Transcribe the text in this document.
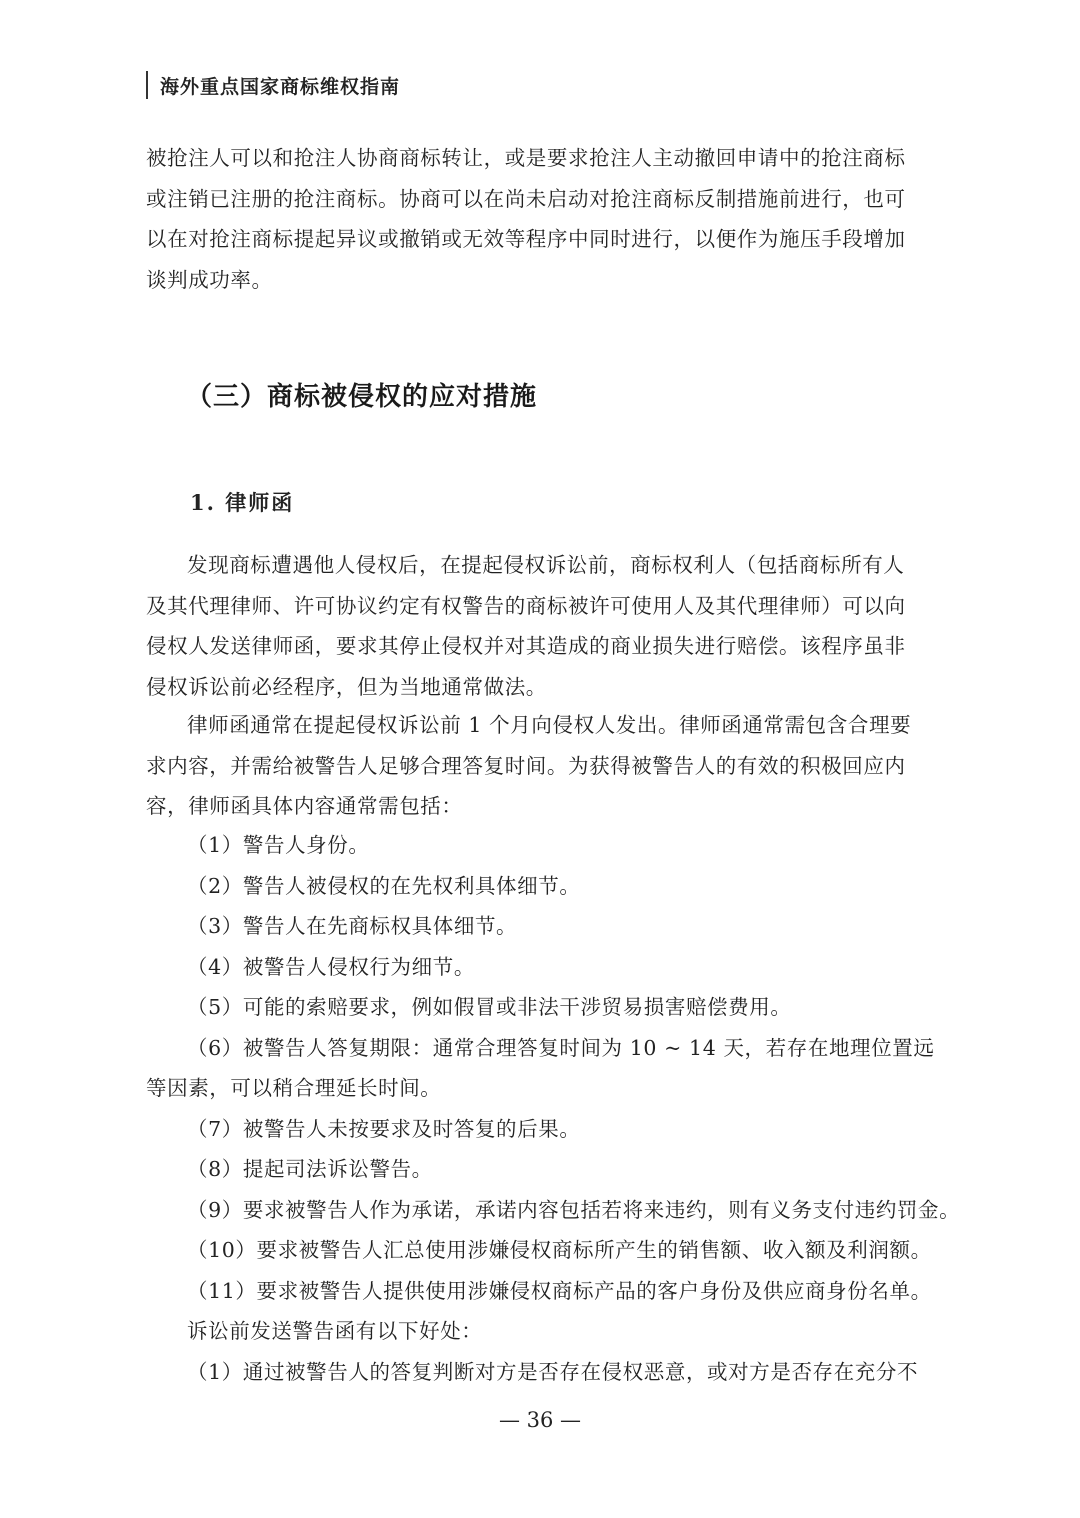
海外重点国家商标维权指南

被抢注人可以和抢注人协商商标转让，或是要求抢注人主动撤回申请中的抢注商标
或注销已注册的抢注商标。协商可以在尚未启动对抢注商标反制措施前进行，也可
以在对抢注商标提起异议或撤销或无效等程序中同时进行，以便作为施压手段增加
谈判成功率。

（三）商标被侵权的应对措施
1. 律师函

发现商标遭遇他人侵权后，在提起侵权诉讼前，商标权利人（包括商标所有人
及其代理律师、许可协议约定有权警告的商标被许可使用人及其代理律师）可以向
侵权人发送律师函，要求其停止侵权并对其造成的商业损失进行赔偿。该程序虽非
侵权诉讼前必经程序，但为当地通常做法。

律师函通常在提起侵权诉讼前 1 个月向侵权人发出。律师函通常需包含合理要
求内容，并需给被警告人足够合理答复时间。为获得被警告人的有效的积极回应内
容，律师函具体内容通常需包括：

（1）警告人身份。
（2）警告人被侵权的在先权利具体细节。
（3）警告人在先商标权具体细节。
（4）被警告人侵权行为细节。
（5）可能的索赔要求，例如假冒或非法干涉贸易损害赔偿费用。
（6）被警告人答复期限：通常合理答复时间为 10 ~ 14 天，若存在地理位置远
等因素，可以稍合理延长时间。
（7）被警告人未按要求及时答复的后果。
（8）提起司法诉讼警告。
（9）要求被警告人作为承诺，承诺内容包括若将来违约，则有义务支付违约罚金。
（10）要求被警告人汇总使用涉嫌侵权商标所产生的销售额、收入额及利润额。
（11）要求被警告人提供使用涉嫌侵权商标产品的客户身份及供应商身份名单。
诉讼前发送警告函有以下好处：
（1）通过被警告人的答复判断对方是否存在侵权恶意，或对方是否存在充分不

— 36 —
